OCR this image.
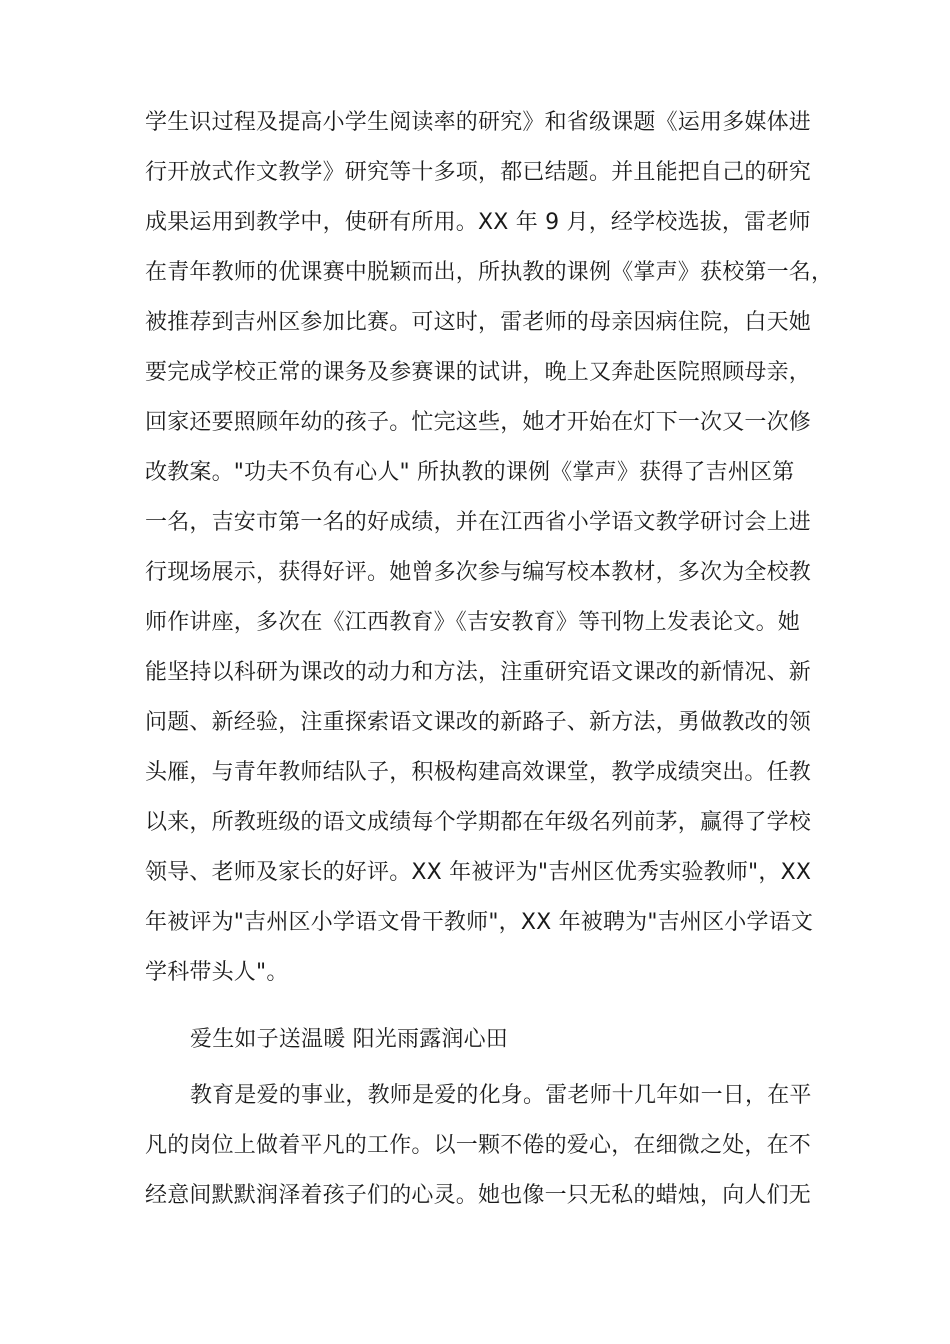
学生识过程及提高小学生阅读率的研究》和省级课题《运用多媒体进
行开放式作文教学》研究等十多项，都已结题。并且能把自己的研究
成果运用到教学中，使研有所用。XX 年 9 月，经学校选拔，雷老师
在青年教师的优课赛中脱颖而出，所执教的课例《掌声》获校第一名，
被推荐到吉州区参加比赛。可这时，雷老师的母亲因病住院，白天她
要完成学校正常的课务及参赛课的试讲，晚上又奔赴医院照顾母亲，
回家还要照顾年幼的孩子。忙完这些，她才开始在灯下一次又一次修
改教案。"功夫不负有心人" 所执教的课例《掌声》获得了吉州区第
一名，吉安市第一名的好成绩，并在江西省小学语文教学研讨会上进
行现场展示，获得好评。她曾多次参与编写校本教材，多次为全校教
师作讲座，多次在《江西教育》《吉安教育》等刊物上发表论文。她
能坚持以科研为课改的动力和方法，注重研究语文课改的新情况、新
问题、新经验，注重探索语文课改的新路子、新方法，勇做教改的领
头雁，与青年教师结队子，积极构建高效课堂，教学成绩突出。任教
以来，所教班级的语文成绩每个学期都在年级名列前茅，赢得了学校
领导、老师及家长的好评。XX 年被评为"吉州区优秀实验教师"，XX
年被评为"吉州区小学语文骨干教师"，XX 年被聘为"吉州区小学语文
学科带头人"。
爱生如子送温暖 阳光雨露润心田
教育是爱的事业，教师是爱的化身。雷老师十几年如一日，在平
凡的岗位上做着平凡的工作。以一颗不倦的爱心，在细微之处，在不
经意间默默润泽着孩子们的心灵。她也像一只无私的蜡烛，向人们无
